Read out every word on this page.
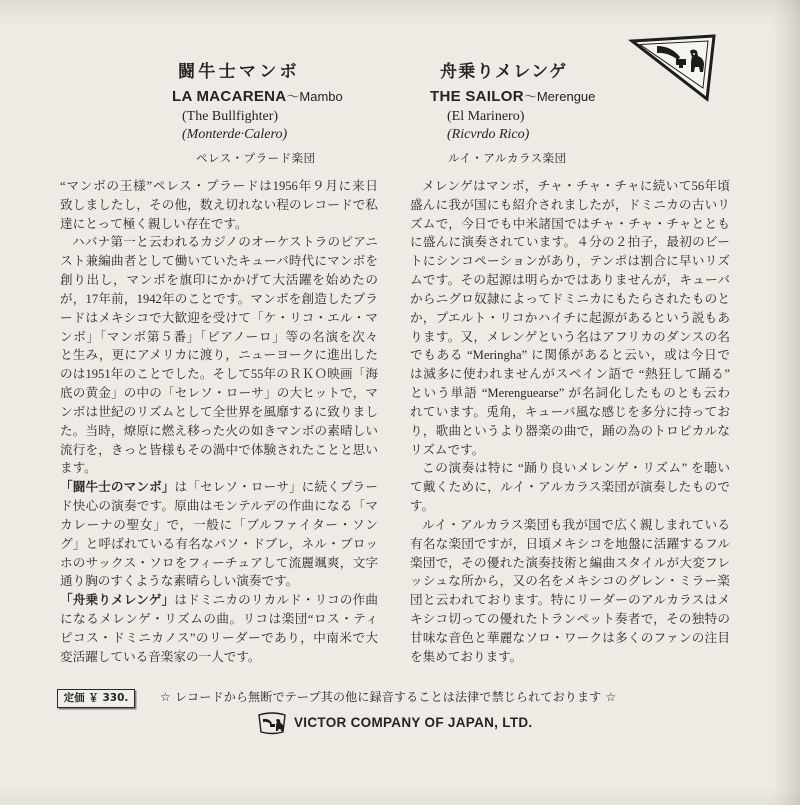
闘牛士マンボ
LA MACARENA～Mambo
(The Bullfighter)
(Monterde·Calero)
ペレス・プラード楽団
舟乗りメレンゲ
THE SAILOR～Merengue
(El Marinero)
(Ricvrdo Rico)
ルイ・アルカラス楽団
“マンボの王様”ペレス・プラードは1956年９月に来日
致しましたし，その他，数え切れない程のレコードで私
達にとって極く親しい存在です。
ハバナ第一と云われるカジノのオーケストラのピアニ
スト兼編曲者として働いていたキューバ時代にマンボを
創り出し，マンボを旗印にかかげて大活躍を始めたの
が，17年前，1942年のことです。マンボを創造したプラ
ードはメキシコで大歓迎を受けて「ケ・リコ・エル・マ
ンボ」「マンボ第５番」「ピアノーロ」等の名演を次々
と生み，更にアメリカに渡り，ニューヨークに進出した
のは1951年のことでした。そして55年のＲＫＯ映画「海
底の黄金」の中の「セレソ・ローサ」の大ヒットで，マ
ンボは世紀のリズムとして全世界を風靡するに致りまし
た。当時，燎原に燃え移った火の如きマンボの素晴しい
流行を，きっと皆様もその渦中で体験されたことと思い
ます。
「闘牛士のマンボ」は「セレソ・ローサ」に続くプラー
ド快心の演奏です。原曲はモンテルデの作曲になる「マ
カレーナの聖女」で，一般に「ブルファイター・ソン
グ」と呼ばれている有名なパソ・ドブレ，ネル・ブロッ
ホのサックス・ソロをフィーチュアして流麗颯爽，文字
通り胸のすくような素晴らしい演奏です。
「舟乗りメレンゲ」はドミニカのリカルド・リコの作曲
になるメレンゲ・リズムの曲。リコは楽団“ロス・ティ
ピコス・ドミニカノス”のリーダーであり，中南米で大
変活躍している音楽家の一人です。
メレンゲはマンボ，チャ・チャ・チャに続いて56年頃
盛んに我が国にも紹介されましたが，ドミニカの古いリ
ズムで，今日でも中米諸国ではチャ・チャ・チャととも
に盛んに演奏されています。４分の２拍子，最初のビー
トにシンコペーションがあり，テンポは割合に早いリズ
ムです。その起源は明らかではありませんが，キューバ
からニグロ奴隷によってドミニカにもたらされたものと
か，プエルト・リコかハイチに起源があるという説もあ
ります。又，メレンゲという名はアフリカのダンスの名
でもある “Meringha” に関係があると云い，或は今日で
は滅多に使われませんがスペイン語で “熱狂して踊る”
という単語 “Merenguearse” が名詞化したものとも云わ
れています。兎角，キューバ風な感じを多分に持ってお
り，歌曲というより器楽の曲で，踊の為のトロピカルな
リズムです。
この演奏は特に “踊り良いメレンゲ・リズム” を聴い
て戴くために，ルイ・アルカラス楽団が演奏したもので
す。
ルイ・アルカラス楽団も我が国で広く親しまれている
有名な楽団ですが，日頃メキシコを地盤に活躍するフル
楽団で，その優れた演奏技術と編曲スタイルが大変フレ
ッシュな所から，又の名をメキシコのグレン・ミラー楽
団と云われております。特にリーダーのアルカラスはメ
キシコ切っての優れたトランペット奏者で，その独特の
甘味な音色と華麗なソロ・ワークは多くのファンの注目
を集めております。
定価 ￥ 330.	☆ レコードから無断でテープ其の他に録音することは法律で禁じられております ☆
VICTOR COMPANY OF JAPAN, LTD.
